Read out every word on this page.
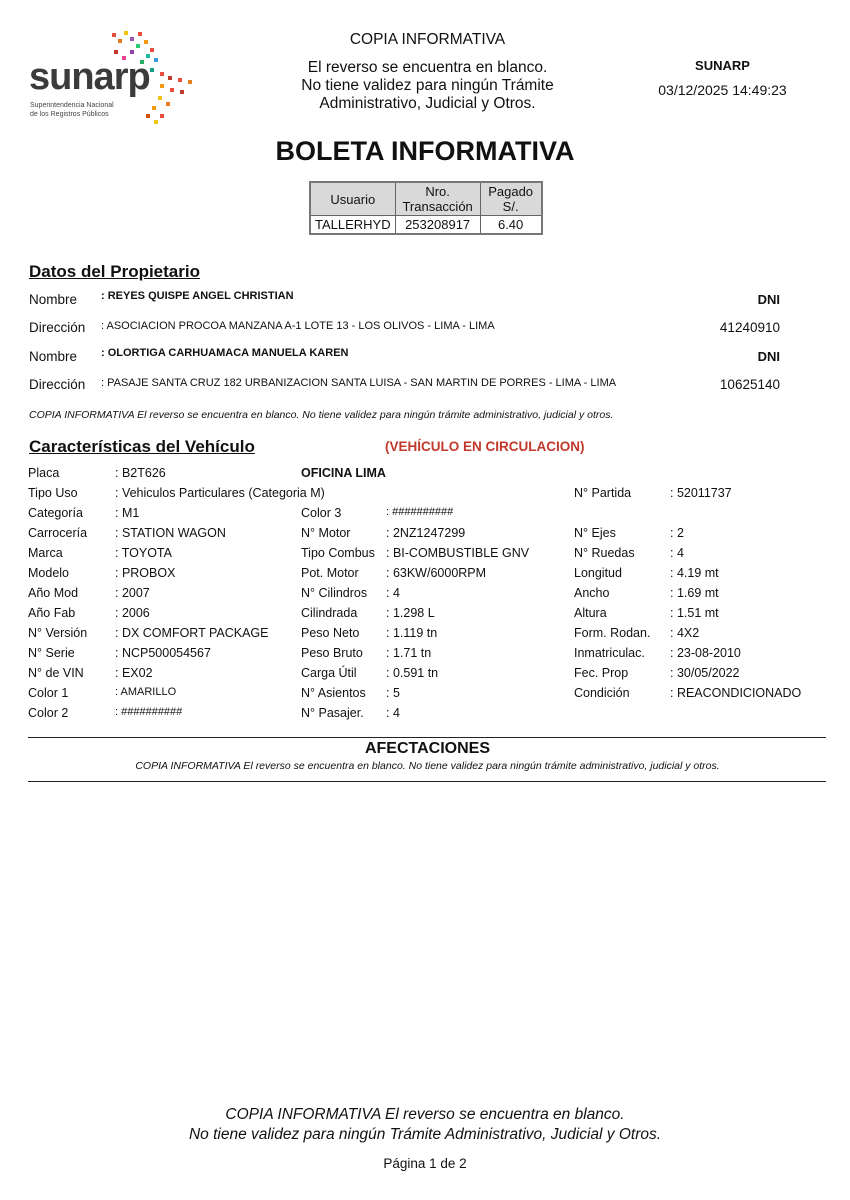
sunarp
Superintendencia Nacional
de los Registros Públicos
COPIA INFORMATIVA
El reverso se encuentra en blanco.
No tiene validez para ningún Trámite
Administrativo, Judicial y Otros.
SUNARP
03/12/2025 14:49:23
BOLETA INFORMATIVA
Usuario	Nro. Transacción	Pagado S/.
TALLERHYD	253208917	6.40
Datos del Propietario
Nombre : REYES QUISPE ANGEL CHRISTIAN	DNI
Dirección : ASOCIACION PROCOA MANZANA A-1 LOTE 13 - LOS OLIVOS - LIMA - LIMA	41240910
Nombre : OLORTIGA CARHUAMACA MANUELA KAREN	DNI
Dirección : PASAJE SANTA CRUZ 182 URBANIZACION SANTA LUISA - SAN MARTIN DE PORRES - LIMA - LIMA	10625140
COPIA INFORMATIVA El reverso se encuentra en blanco. No tiene validez para ningún trámite administrativo, judicial y otros.
Características del Vehículo	(VEHÍCULO EN CIRCULACION)
Placa	: B2T626	OFICINA LIMA
Tipo Uso	: Vehiculos Particulares (Categoria M)	N° Partida	: 52011737
Categoría	: M1	Color 3	: ##########
Carrocería : STATION WAGON	N° Motor	: 2NZ1247299	N° Ejes	: 2
Marca	: TOYOTA	Tipo Combus : BI-COMBUSTIBLE GNV	N° Ruedas	: 4
Modelo	: PROBOX	Pot. Motor : 63KW/6000RPM	Longitud	: 4.19 mt
Año Mod	: 2007	N° Cilindros : 4	Ancho	: 1.69 mt
Año Fab	: 2006	Cilindrada : 1.298 L	Altura	: 1.51 mt
N° Versión : DX COMFORT PACKAGE	Peso Neto : 1.119 tn	Form. Rodan. : 4X2
N° Serie	: NCP500054567	Peso Bruto : 1.71 tn	Inmatriculac. : 23-08-2010
N° de VIN	: EX02	Carga Útil : 0.591 tn	Fec. Prop	: 30/05/2022
Color 1	: AMARILLO	N° Asientos : 5	Condición	: REACONDICIONADO
Color 2	: ##########	N° Pasajer. : 4
AFECTACIONES
COPIA INFORMATIVA El reverso se encuentra en blanco. No tiene validez para ningún trámite administrativo, judicial y otros.
COPIA INFORMATIVA El reverso se encuentra en blanco.
No tiene validez para ningún Trámite Administrativo, Judicial y Otros.
Página 1 de 2
